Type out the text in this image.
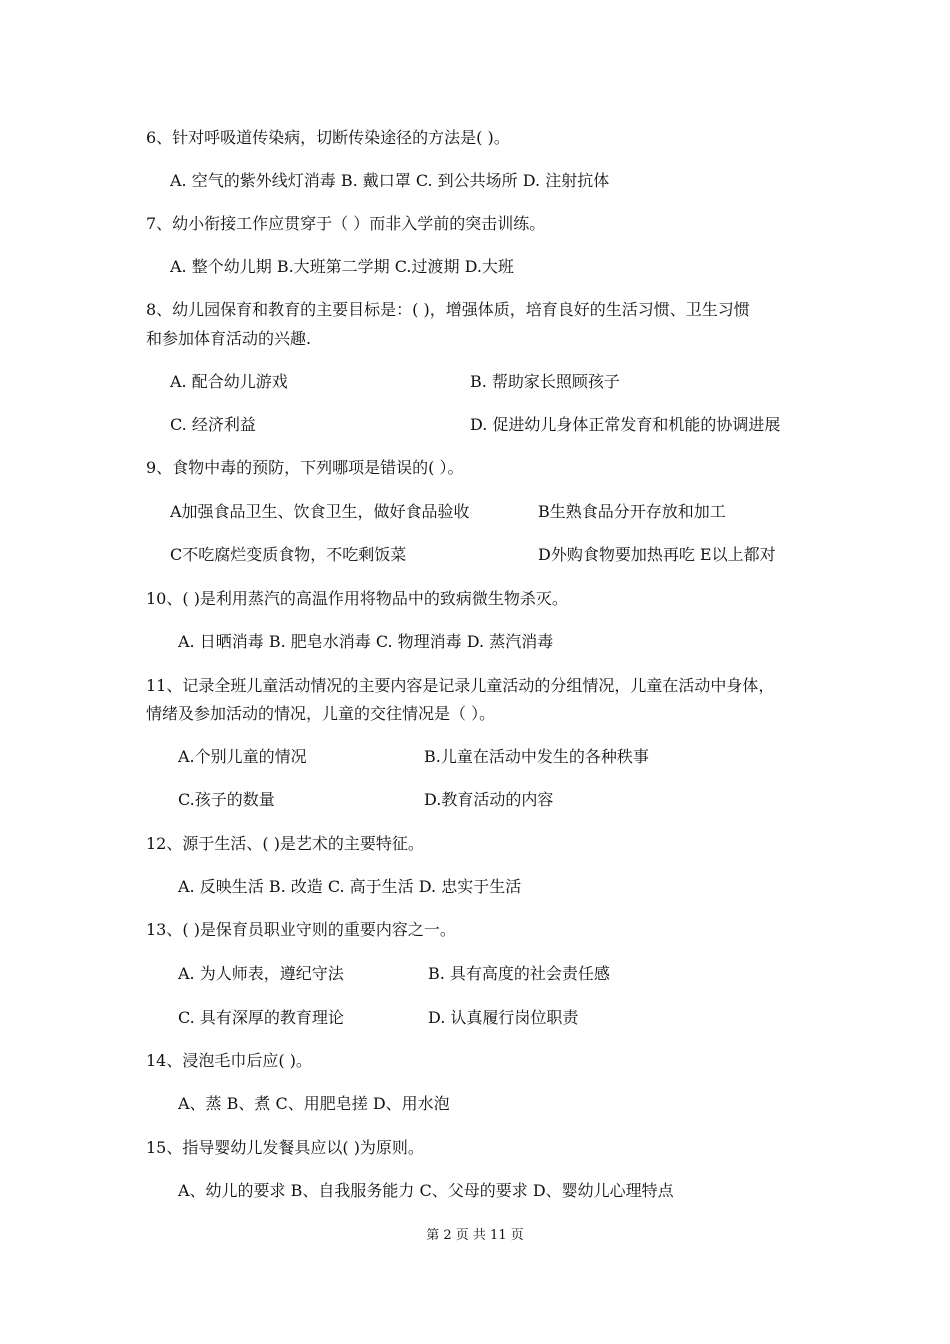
6、针对呼吸道传染病，切断传染途径的方法是( )。
A. 空气的紫外线灯消毒 B. 戴口罩 C. 到公共场所 D. 注射抗体
7、幼小衔接工作应贯穿于（ ）而非入学前的突击训练。
A. 整个幼儿期 B.大班第二学期 C.过渡期 D.大班
8、幼儿园保育和教育的主要目标是：( )，增强体质，培育良好的生活习惯、卫生习惯
和参加体育活动的兴趣.
A. 配合幼儿游戏	B. 帮助家长照顾孩子
C. 经济利益	D. 促进幼儿身体正常发育和机能的协调进展
9、食物中毒的预防，下列哪项是错误的( ）。
A加强食品卫生、饮食卫生，做好食品验收	B生熟食品分开存放和加工
C不吃腐烂变质食物，不吃剩饭菜	D外购食物要加热再吃 E以上都对
10、( )是利用蒸汽的高温作用将物品中的致病微生物杀灭。
A. 日晒消毒 B. 肥皂水消毒 C. 物理消毒 D. 蒸汽消毒
11、记录全班儿童活动情况的主要内容是记录儿童活动的分组情况，儿童在活动中身体，
情绪及参加活动的情况，儿童的交往情况是（ ）。
A.个别儿童的情况	B.儿童在活动中发生的各种秩事
C.孩子的数量	D.教育活动的内容
12、源于生活、( )是艺术的主要特征。
A. 反映生活 B. 改造 C. 高于生活 D. 忠实于生活
13、( )是保育员职业守则的重要内容之一。
A. 为人师表，遵纪守法	B. 具有高度的社会责任感
C. 具有深厚的教育理论	D. 认真履行岗位职责
14、浸泡毛巾后应( )。
A、蒸 B、煮 C、用肥皂搓 D、用水泡
15、指导婴幼儿发餐具应以( )为原则。
A、幼儿的要求 B、自我服务能力 C、父母的要求 D、婴幼儿心理特点
第 2 页 共 11 页
